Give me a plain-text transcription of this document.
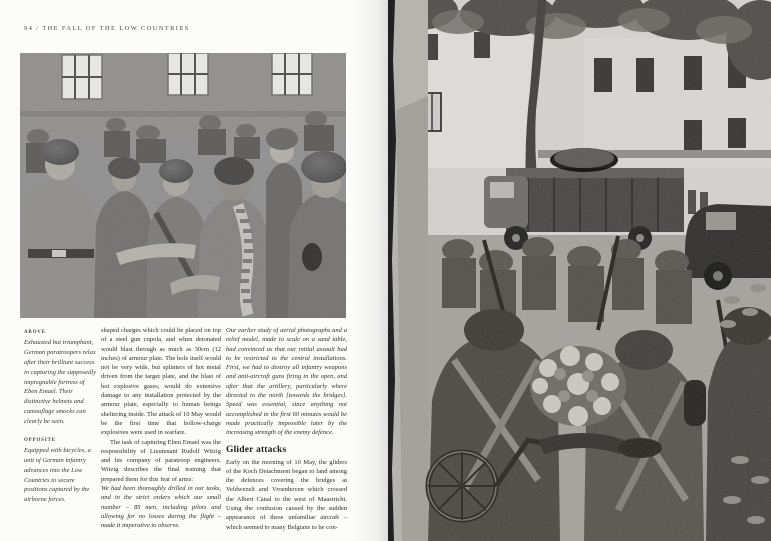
94 / THE FALL OF THE LOW COUNTRIES

ABOVE

Exhausted but triumphant, German paratroopers relax after their brilliant success in capturing the supposedly impregnable fortress of Eben Emael. Their distinctive helmets and camouflage smocks can clearly be seen.

OPPOSITE

Equipped with bicycles, a unit of German infantry advances into the Low Countries to secure positions captured by the airborne forces.

shaped charges which could be placed on top of a steel gun cupola, and when detonated would blast through as much as 30cm (12 inches) of armour plate. The hole itself would not be very wide, but splinters of hot metal driven from the target plate, and the blast of hot explosive gases, would do extensive damage to any installation protected by the armour plate, especially to human beings sheltering inside. The attack of 10 May would be the first time that hollow-charge explosives were used in warfare.

The task of capturing Eben Emael was the responsibility of Lieutenant Rudolf Witzig and his company of paratroop engineers. Witzig describes the final training that prepared them for this feat of arms:

We had been thoroughly drilled in our tasks, and in the strict orders which our small number – 85 men, including pilots and allowing for no losses during the flight – made it imperative to observe.

Our earlier study of aerial photographs and a relief model, made to scale on a sand table, had convinced us that our initial assault had to be restricted to the central installations. First, we had to destroy all infantry weapons and anti-aircraft guns firing in the open, and after that the artillery, particularly where directed to the north [towards the bridges]. Speed was essential, since anything not accomplished in the first 60 minutes would be made practically impossible later by the increasing strength of the enemy defence.

Glider attacks

Early on the morning of 10 May, the gliders of the Koch Detachment began to land among the defences covering the bridges at Veldwezelt and Vroenhoven which crossed the Albert Canal to the west of Maastricht. Using the confusion caused by the sudden appearance of these unfamiliar aircraft – which seemed to many Belgians to be con-
